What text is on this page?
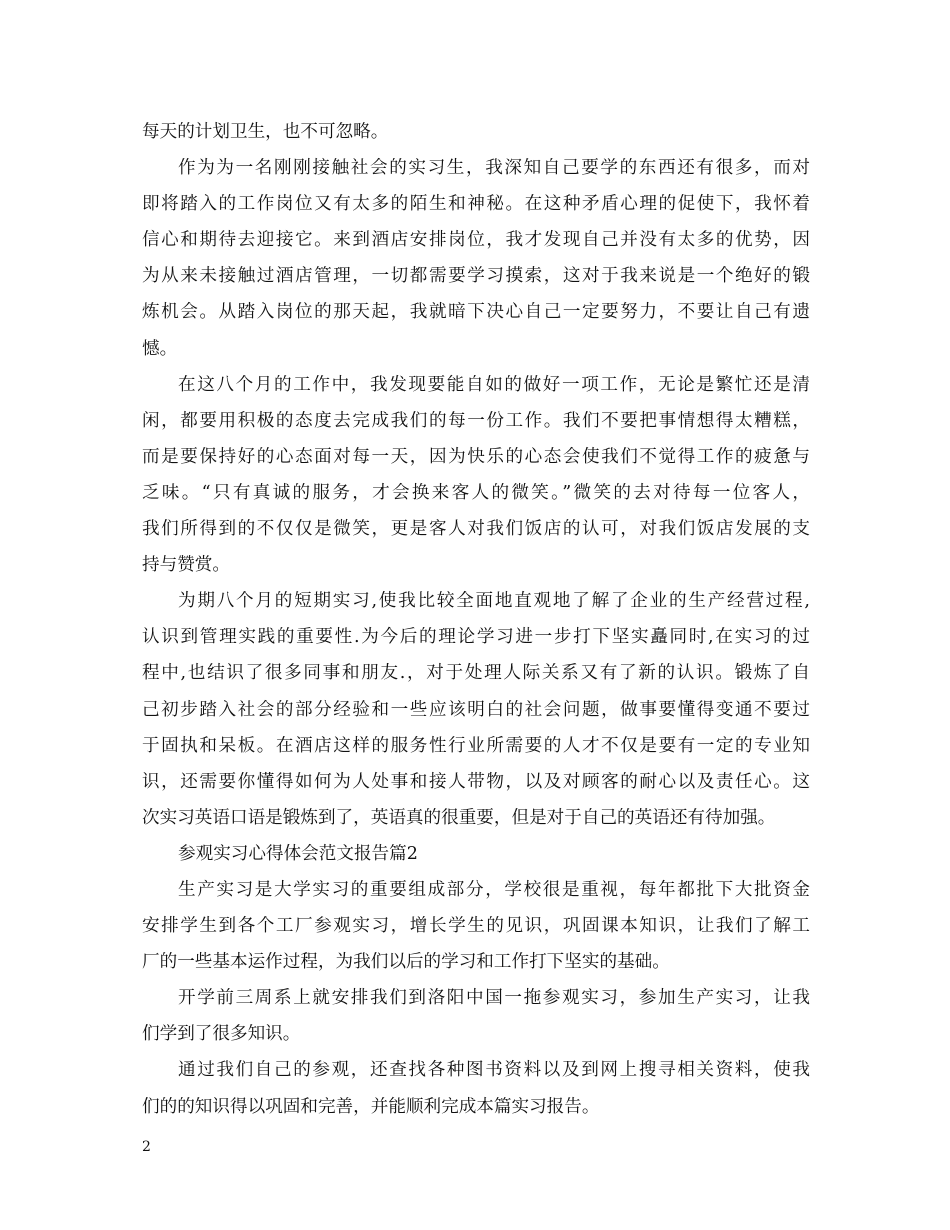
每天的计划卫生，也不可忽略。
作为为一名刚刚接触社会的实习生，我深知自己要学的东西还有很多，而对
即将踏入的工作岗位又有太多的陌生和神秘。在这种矛盾心理的促使下，我怀着
信心和期待去迎接它。来到酒店安排岗位，我才发现自己并没有太多的优势，因
为从来未接触过酒店管理，一切都需要学习摸索，这对于我来说是一个绝好的锻
炼机会。从踏入岗位的那天起，我就暗下决心自己一定要努力，不要让自己有遗
憾。
在这八个月的工作中，我发现要能自如的做好一项工作，无论是繁忙还是清
闲，都要用积极的态度去完成我们的每一份工作。我们不要把事情想得太糟糕，
而是要保持好的心态面对每一天，因为快乐的心态会使我们不觉得工作的疲惫与
乏味。“只有真诚的服务，才会换来客人的微笑。”微笑的去对待每一位客人，
我们所得到的不仅仅是微笑，更是客人对我们饭店的认可，对我们饭店发展的支
持与赞赏。
为期八个月的短期实习,使我比较全面地直观地了解了企业的生产经营过程,
认识到管理实践的重要性.为今后的理论学习进一步打下坚实矗同时,在实习的过
程中,也结识了很多同事和朋友.，对于处理人际关系又有了新的认识。锻炼了自
己初步踏入社会的部分经验和一些应该明白的社会问题，做事要懂得变通不要过
于固执和呆板。在酒店这样的服务性行业所需要的人才不仅是要有一定的专业知
识，还需要你懂得如何为人处事和接人带物，以及对顾客的耐心以及责任心。这
次实习英语口语是锻炼到了，英语真的很重要，但是对于自己的英语还有待加强。
参观实习心得体会范文报告篇2
生产实习是大学实习的重要组成部分，学校很是重视，每年都批下大批资金
安排学生到各个工厂参观实习，增长学生的见识，巩固课本知识，让我们了解工
厂的一些基本运作过程，为我们以后的学习和工作打下坚实的基础。
开学前三周系上就安排我们到洛阳中国一拖参观实习，参加生产实习，让我
们学到了很多知识。
通过我们自己的参观，还查找各种图书资料以及到网上搜寻相关资料，使我
们的的知识得以巩固和完善，并能顺利完成本篇实习报告。
2
